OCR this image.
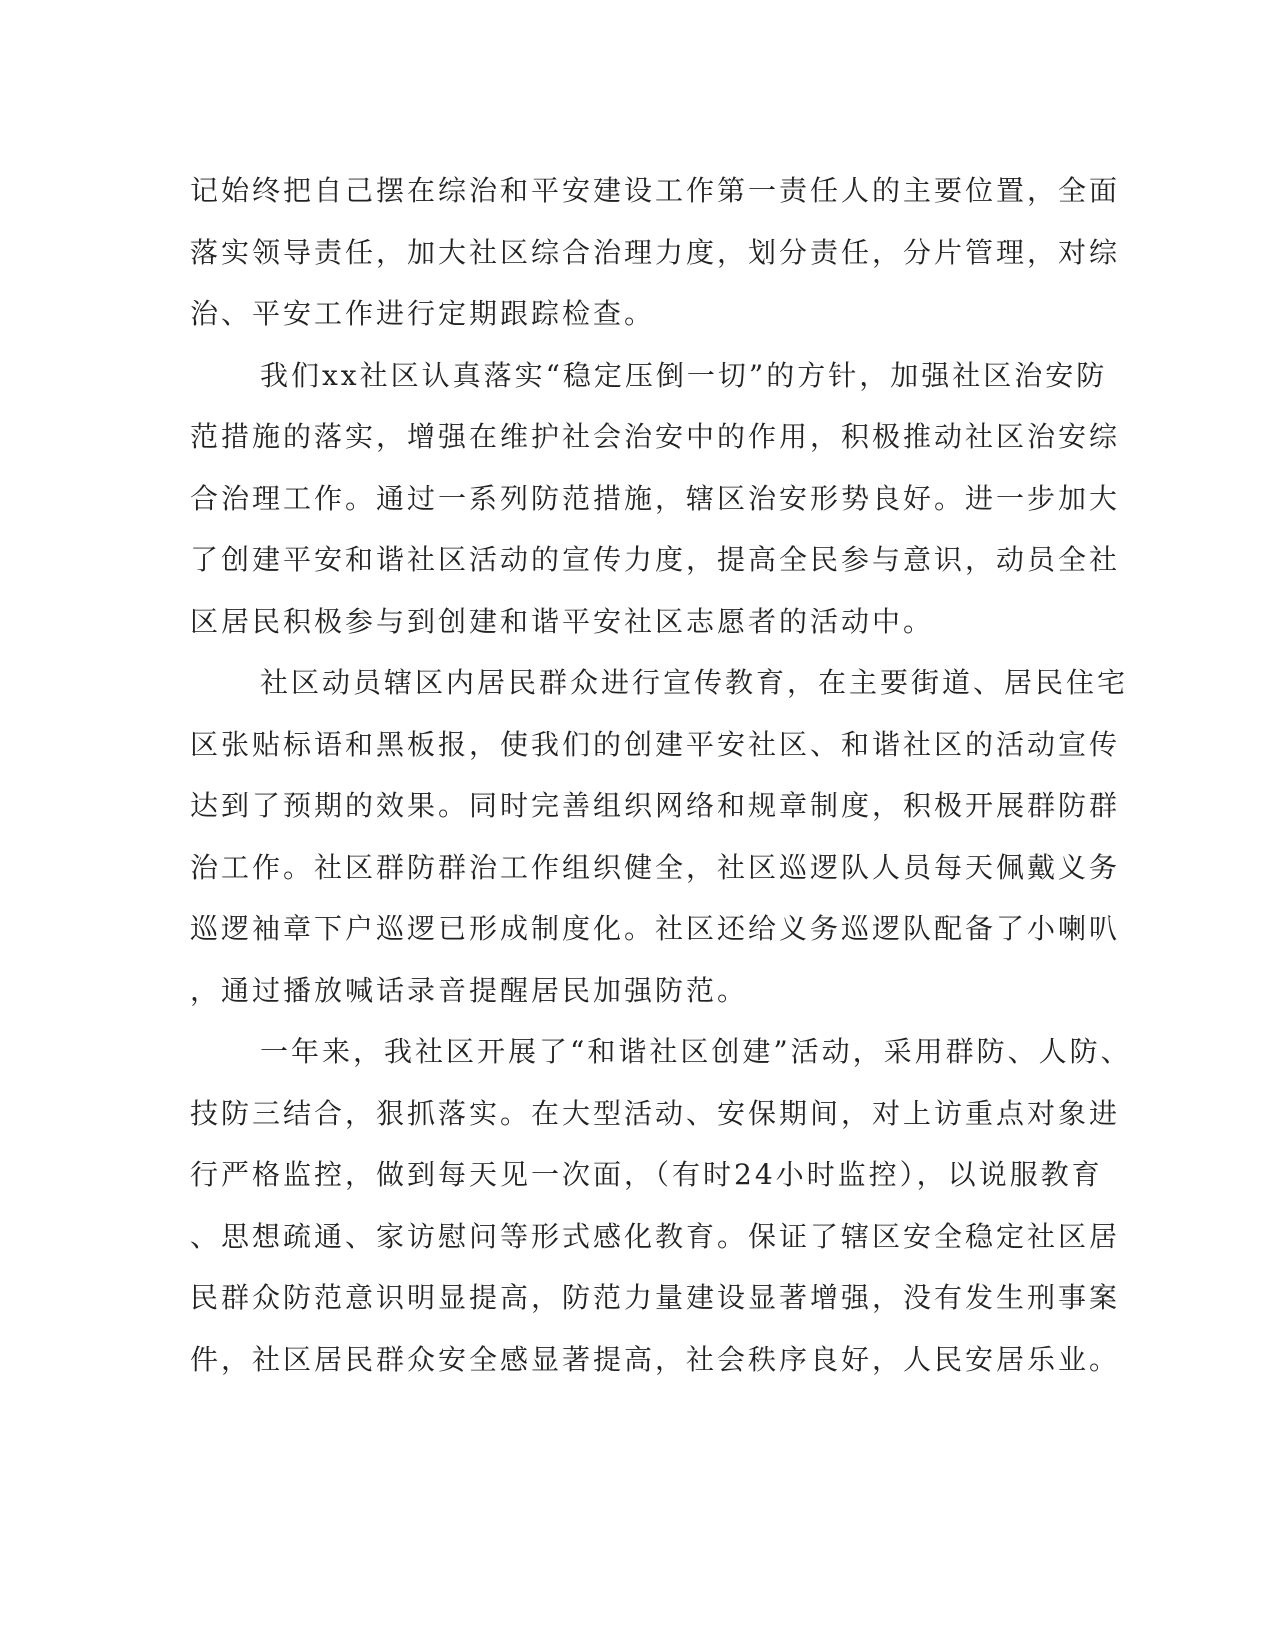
记始终把自己摆在综治和平安建设工作第一责任人的主要位置，全面
落实领导责任，加大社区综合治理力度，划分责任，分片管理，对综
治、平安工作进行定期跟踪检查。

我们xx社区认真落实“稳定压倒一切”的方针，加强社区治安防
范措施的落实，增强在维护社会治安中的作用，积极推动社区治安综
合治理工作。通过一系列防范措施，辖区治安形势良好。进一步加大
了创建平安和谐社区活动的宣传力度，提高全民参与意识，动员全社
区居民积极参与到创建和谐平安社区志愿者的活动中。

社区动员辖区内居民群众进行宣传教育，在主要街道、居民住宅
区张贴标语和黑板报，使我们的创建平安社区、和谐社区的活动宣传
达到了预期的效果。同时完善组织网络和规章制度，积极开展群防群
治工作。社区群防群治工作组织健全，社区巡逻队人员每天佩戴义务
巡逻袖章下户巡逻已形成制度化。社区还给义务巡逻队配备了小喇叭
，通过播放喊话录音提醒居民加强防范。

一年来，我社区开展了“和谐社区创建”活动，采用群防、人防、
技防三结合，狠抓落实。在大型活动、安保期间，对上访重点对象进
行严格监控，做到每天见一次面，（有时24小时监控），以说服教育
、思想疏通、家访慰问等形式感化教育。保证了辖区安全稳定社区居
民群众防范意识明显提高，防范力量建设显著增强，没有发生刑事案
件，社区居民群众安全感显著提高，社会秩序良好，人民安居乐业。
